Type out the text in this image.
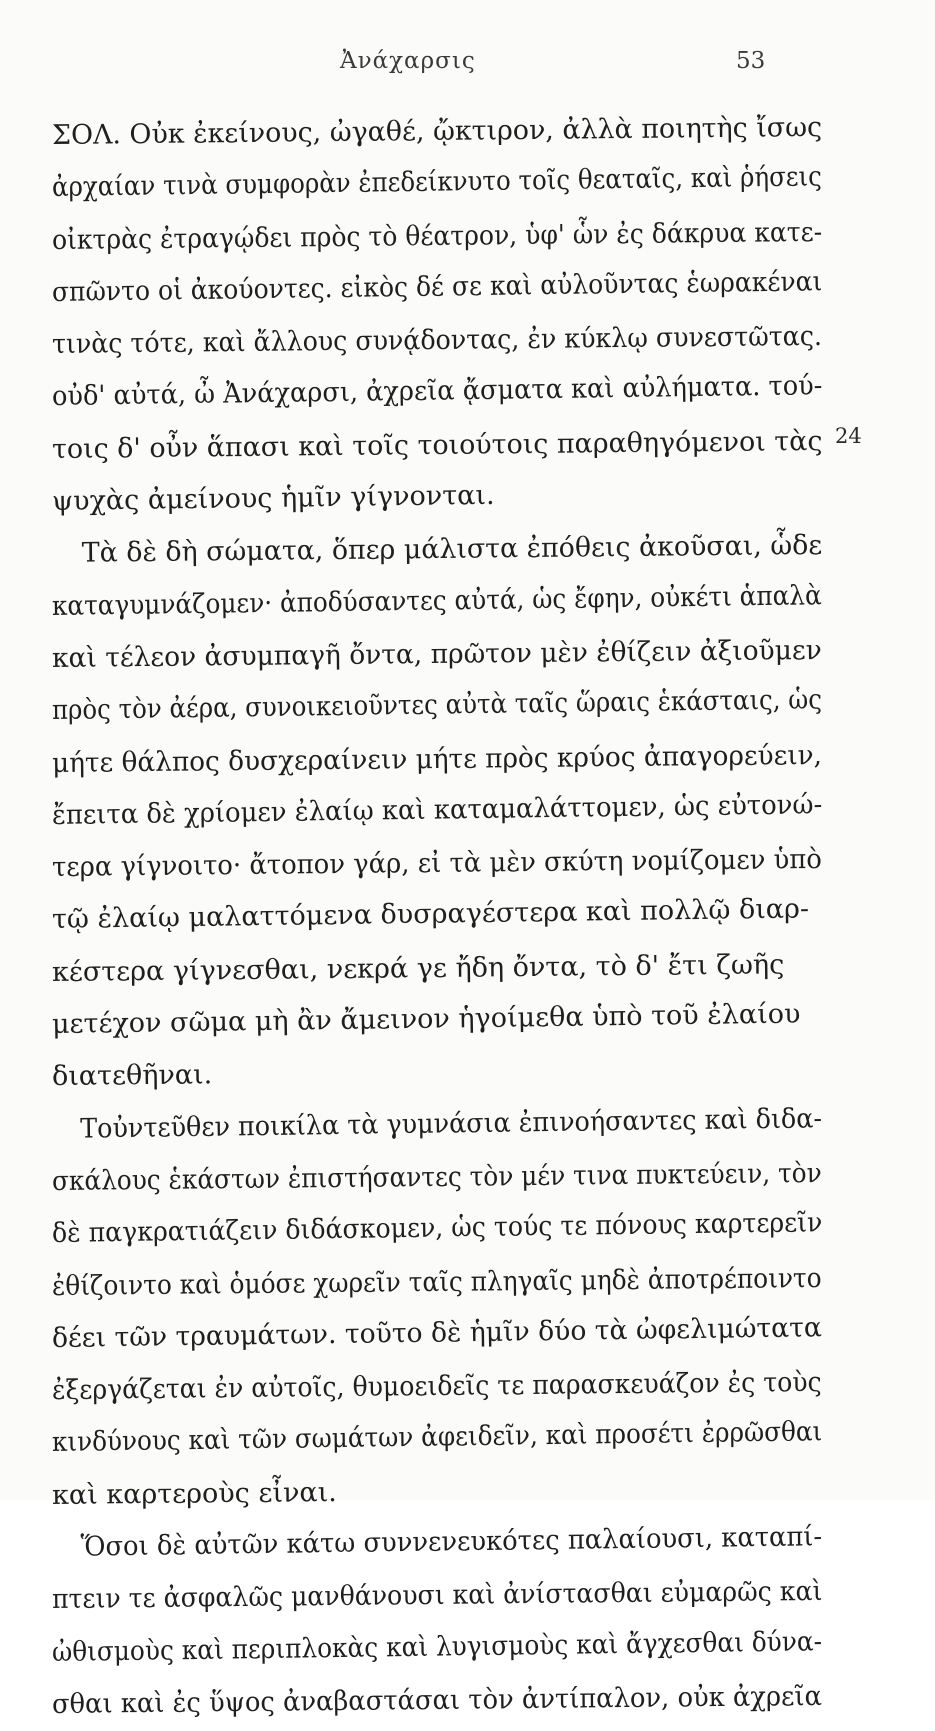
Ἀνάχαρσις	53
24
ΣΟΛ. Οὐκ ἐκείνους, ὠγαθέ, ᾤκτιρον, ἀλλὰ ποιητὴς ἴσως
ἀρχαίαν τινὰ συμφορὰν ἐπεδείκνυτο τοῖς θεαταῖς, καὶ ῥήσεις
οἰκτρὰς ἐτραγῴδει πρὸς τὸ θέατρον, ὑφ' ὧν ἐς δάκρυα κατε-
σπῶντο οἱ ἀκούοντες. εἰκὸς δέ σε καὶ αὐλοῦντας ἑωρακέναι
τινὰς τότε, καὶ ἄλλους συνᾴδοντας, ἐν κύκλῳ συνεστῶτας.
οὐδ' αὐτά, ὦ Ἀνάχαρσι, ἀχρεῖα ᾄσματα καὶ αὐλήματα. τού-
τοις δ' οὖν ἅπασι καὶ τοῖς τοιούτοις παραθηγόμενοι τὰς
ψυχὰς ἀμείνους ἡμῖν γίγνονται.
Τὰ δὲ δὴ σώματα, ὅπερ μάλιστα ἐπόθεις ἀκοῦσαι, ὧδε
καταγυμνάζομεν· ἀποδύσαντες αὐτά, ὡς ἔφην, οὐκέτι ἁπαλὰ
καὶ τέλεον ἀσυμπαγῆ ὄντα, πρῶτον μὲν ἐθίζειν ἀξιοῦμεν
πρὸς τὸν ἀέρα, συνοικειοῦντες αὐτὰ ταῖς ὥραις ἑκάσταις, ὡς
μήτε θάλπος δυσχεραίνειν μήτε πρὸς κρύος ἀπαγορεύειν,
ἔπειτα δὲ χρίομεν ἐλαίῳ καὶ καταμαλάττομεν, ὡς εὐτονώ-
τερα γίγνοιτο· ἄτοπον γάρ, εἰ τὰ μὲν σκύτη νομίζομεν ὑπὸ
τῷ ἐλαίῳ μαλαττόμενα δυσραγέστερα καὶ πολλῷ διαρ-
κέστερα γίγνεσθαι, νεκρά γε ἤδη ὄντα, τὸ δ' ἔτι ζωῆς
μετέχον σῶμα μὴ ἂν ἄμεινον ἡγοίμεθα ὑπὸ τοῦ ἐλαίου
διατεθῆναι.
Τοὐντεῦθεν ποικίλα τὰ γυμνάσια ἐπινοήσαντες καὶ διδα-
σκάλους ἑκάστων ἐπιστήσαντες τὸν μέν τινα πυκτεύειν, τὸν
δὲ παγκρατιάζειν διδάσκομεν, ὡς τούς τε πόνους καρτερεῖν
ἐθίζοιντο καὶ ὁμόσε χωρεῖν ταῖς πληγαῖς μηδὲ ἀποτρέποιντο
δέει τῶν τραυμάτων. τοῦτο δὲ ἡμῖν δύο τὰ ὠφελιμώτατα
ἐξεργάζεται ἐν αὐτοῖς, θυμοειδεῖς τε παρασκευάζον ἐς τοὺς
κινδύνους καὶ τῶν σωμάτων ἀφειδεῖν, καὶ προσέτι ἐρρῶσθαι
καὶ καρτεροὺς εἶναι.
Ὅσοι δὲ αὐτῶν κάτω συννενευκότες παλαίουσι, καταπί-
πτειν τε ἀσφαλῶς μανθάνουσι καὶ ἀνίστασθαι εὐμαρῶς καὶ
ὠθισμοὺς καὶ περιπλοκὰς καὶ λυγισμοὺς καὶ ἄγχεσθαι δύνα-
σθαι καὶ ἐς ὕψος ἀναβαστάσαι τὸν ἀντίπαλον, οὐκ ἀχρεῖα
